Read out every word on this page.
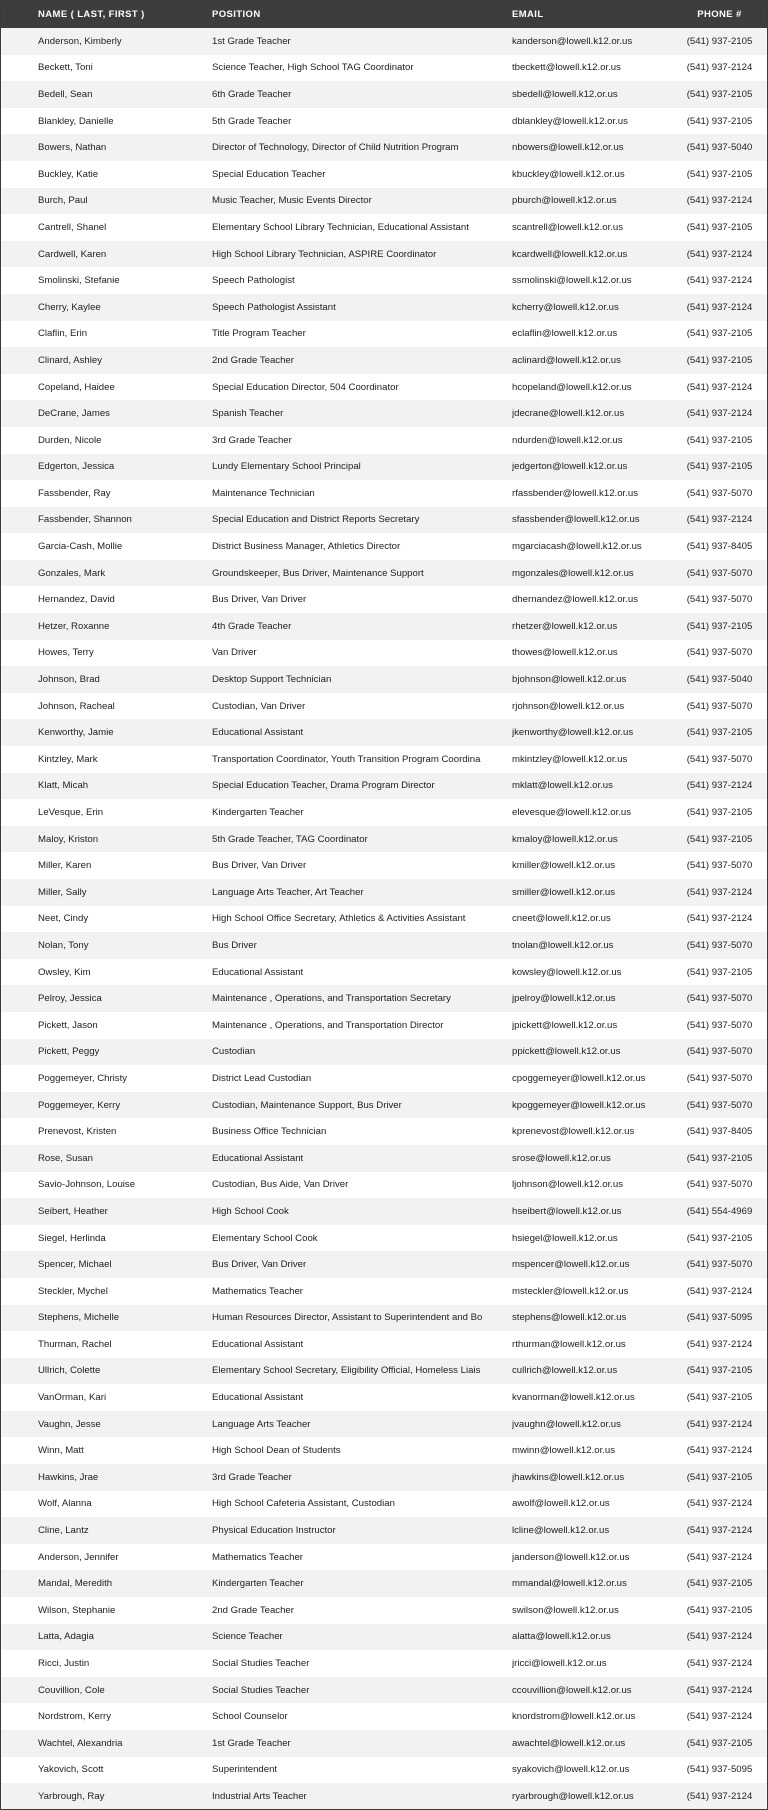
NAME ( LAST, FIRST )	POSITION	EMAIL	PHONE #
Anderson, Kimberly	1st Grade Teacher	kanderson@lowell.k12.or.us	(541) 937-2105
Beckett, Toni	Science Teacher, High School TAG Coordinator	tbeckett@lowell.k12.or.us	(541) 937-2124
Bedell, Sean	6th Grade Teacher	sbedell@lowell.k12.or.us	(541) 937-2105
Blankley, Danielle	5th Grade Teacher	dblankley@lowell.k12.or.us	(541) 937-2105
Bowers, Nathan	Director of Technology, Director of Child Nutrition Program	nbowers@lowell.k12.or.us	(541) 937-5040
Buckley, Katie	Special Education Teacher	kbuckley@lowell.k12.or.us	(541) 937-2105
Burch, Paul	Music Teacher, Music Events Director	pburch@lowell.k12.or.us	(541) 937-2124
Cantrell, Shanel	Elementary School Library Technician, Educational Assistant	scantrell@lowell.k12.or.us	(541) 937-2105
Cardwell, Karen	High School Library Technician, ASPIRE Coordinator	kcardwell@lowell.k12.or.us	(541) 937-2124
Smolinski, Stefanie	Speech Pathologist	ssmolinski@lowell.k12.or.us	(541) 937-2124
Cherry, Kaylee	Speech Pathologist Assistant	kcherry@lowell.k12.or.us	(541) 937-2124
Claflin, Erin	Title Program Teacher	eclaflin@lowell.k12.or.us	(541) 937-2105
Clinard, Ashley	2nd Grade Teacher	aclinard@lowell.k12.or.us	(541) 937-2105
Copeland, Haidee	Special Education Director, 504 Coordinator	hcopeland@lowell.k12.or.us	(541) 937-2124
DeCrane, James	Spanish Teacher	jdecrane@lowell.k12.or.us	(541) 937-2124
Durden, Nicole	3rd Grade Teacher	ndurden@lowell.k12.or.us	(541) 937-2105
Edgerton, Jessica	Lundy Elementary School Principal	jedgerton@lowell.k12.or.us	(541) 937-2105
Fassbender, Ray	Maintenance Technician	rfassbender@lowell.k12.or.us	(541) 937-5070
Fassbender, Shannon	Special Education and District Reports Secretary	sfassbender@lowell.k12.or.us	(541) 937-2124
Garcia-Cash, Mollie	District Business Manager, Athletics Director	mgarciacash@lowell.k12.or.us	(541) 937-8405
Gonzales, Mark	Groundskeeper, Bus Driver, Maintenance Support	mgonzales@lowell.k12.or.us	(541) 937-5070
Hernandez, David	Bus Driver, Van Driver	dhernandez@lowell.k12.or.us	(541) 937-5070
Hetzer, Roxanne	4th Grade Teacher	rhetzer@lowell.k12.or.us	(541) 937-2105
Howes, Terry	Van Driver	thowes@lowell.k12.or.us	(541) 937-5070
Johnson, Brad	Desktop Support Technician	bjohnson@lowell.k12.or.us	(541) 937-5040
Johnson, Racheal	Custodian, Van Driver	rjohnson@lowell.k12.or.us	(541) 937-5070
Kenworthy, Jamie	Educational Assistant	jkenworthy@lowell.k12.or.us	(541) 937-2105
Kintzley, Mark	Transportation Coordinator, Youth Transition Program Coordina	mkintzley@lowell.k12.or.us	(541) 937-5070
Klatt, Micah	Special Education Teacher, Drama Program Director	mklatt@lowell.k12.or.us	(541) 937-2124
LeVesque, Erin	Kindergarten Teacher	elevesque@lowell.k12.or.us	(541) 937-2105
Maloy, Kriston	5th Grade Teacher, TAG Coordinator	kmaloy@lowell.k12.or.us	(541) 937-2105
Miller, Karen	Bus Driver, Van Driver	kmiller@lowell.k12.or.us	(541) 937-5070
Miller, Sally	Language Arts Teacher, Art Teacher	smiller@lowell.k12.or.us	(541) 937-2124
Neet, Cindy	High School Office Secretary, Athletics & Activities Assistant	cneet@lowell.k12.or.us	(541) 937-2124
Nolan, Tony	Bus Driver	tnolan@lowell.k12.or.us	(541) 937-5070
Owsley, Kim	Educational Assistant	kowsley@lowell.k12.or.us	(541) 937-2105
Pelroy, Jessica	Maintenance , Operations, and Transportation Secretary	jpelroy@lowell.k12.or.us	(541) 937-5070
Pickett, Jason	Maintenance , Operations, and Transportation Director	jpickett@lowell.k12.or.us	(541) 937-5070
Pickett, Peggy	Custodian	ppickett@lowell.k12.or.us	(541) 937-5070
Poggemeyer, Christy	District Lead Custodian	cpoggemeyer@lowell.k12.or.us	(541) 937-5070
Poggemeyer, Kerry	Custodian, Maintenance Support, Bus Driver	kpoggemeyer@lowell.k12.or.us	(541) 937-5070
Prenevost, Kristen	Business Office Technician	kprenevost@lowell.k12.or.us	(541) 937-8405
Rose, Susan	Educational Assistant	srose@lowell.k12.or.us	(541) 937-2105
Savio-Johnson, Louise	Custodian, Bus Aide, Van Driver	ljohnson@lowell.k12.or.us	(541) 937-5070
Seibert, Heather	High School Cook	hseibert@lowell.k12.or.us	(541) 554-4969
Siegel, Herlinda	Elementary School Cook	hsiegel@lowell.k12.or.us	(541) 937-2105
Spencer, Michael	Bus Driver, Van Driver	mspencer@lowell.k12.or.us	(541) 937-5070
Steckler, Mychel	Mathematics Teacher	msteckler@lowell.k12.or.us	(541) 937-2124
Stephens, Michelle	Human Resources Director, Assistant to Superintendent and Bo	stephens@lowell.k12.or.us	(541) 937-5095
Thurman, Rachel	Educational Assistant	rthurman@lowell.k12.or.us	(541) 937-2124
Ullrich, Colette	Elementary School Secretary, Eligibility Official, Homeless Liais	cullrich@lowell.k12.or.us	(541) 937-2105
VanOrman, Kari	Educational Assistant	kvanorman@lowell.k12.or.us	(541) 937-2105
Vaughn, Jesse	Language Arts Teacher	jvaughn@lowell.k12.or.us	(541) 937-2124
Winn, Matt	High School Dean of Students	mwinn@lowell.k12.or.us	(541) 937-2124
Hawkins, Jrae	3rd Grade Teacher	jhawkins@lowell.k12.or.us	(541) 937-2105
Wolf, Alanna	High School Cafeteria Assistant, Custodian	awolf@lowell.k12.or.us	(541) 937-2124
Cline, Lantz	Physical Education Instructor	lcline@lowell.k12.or.us	(541) 937-2124
Anderson, Jennifer	Mathematics Teacher	janderson@lowell.k12.or.us	(541) 937-2124
Mandal, Meredith	Kindergarten Teacher	mmandal@lowell.k12.or.us	(541) 937-2105
Wilson, Stephanie	2nd Grade Teacher	swilson@lowell.k12.or.us	(541) 937-2105
Latta, Adagia	Science Teacher	alatta@lowell.k12.or.us	(541) 937-2124
Ricci, Justin	Social Studies Teacher	jricci@lowell.k12.or.us	(541) 937-2124
Couvillion, Cole	Social Studies Teacher	ccouvillion@lowell.k12.or.us	(541) 937-2124
Nordstrom, Kerry	School Counselor	knordstrom@lowell.k12.or.us	(541) 937-2124
Wachtel, Alexandria	1st Grade Teacher	awachtel@lowell.k12.or.us	(541) 937-2105
Yakovich, Scott	Superintendent	syakovich@lowell.k12.or.us	(541) 937-5095
Yarbrough, Ray	Industrial Arts Teacher	ryarbrough@lowell.k12.or.us	(541) 937-2124
